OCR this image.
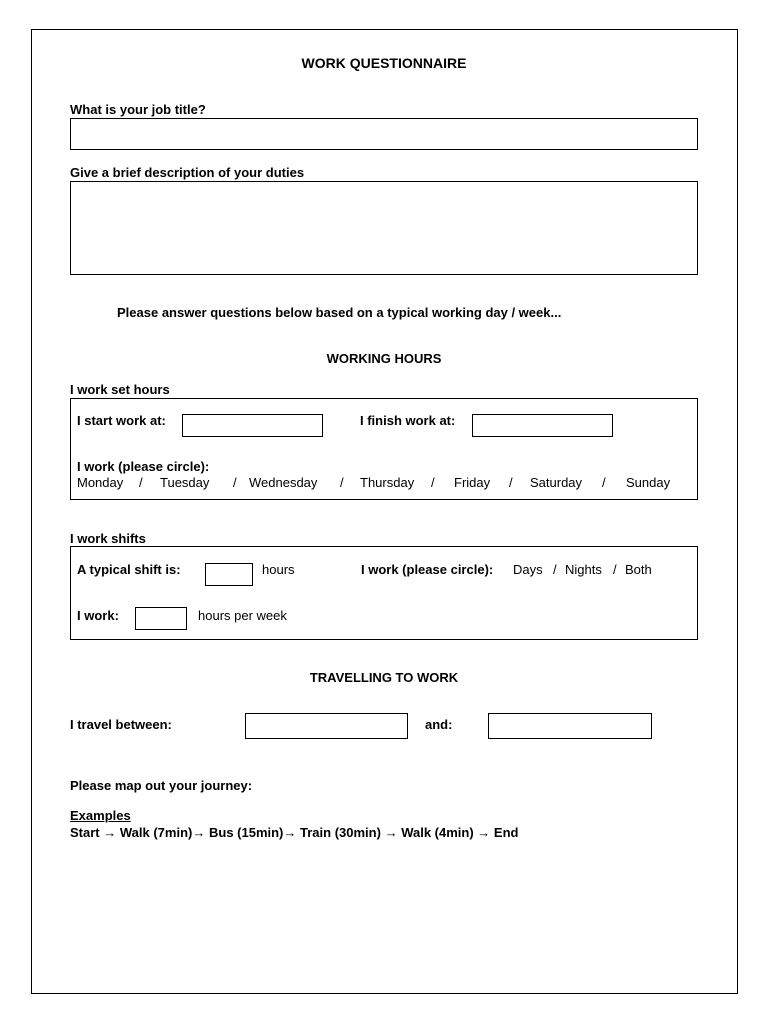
WORK QUESTIONNAIRE
What is your job title?
Give a brief description of your duties
Please answer questions below based on a typical working day / week...
WORKING HOURS
I work set hours
I start work at:	I finish work at:
I work (please circle):
Monday / Tuesday / Wednesday / Thursday / Friday / Saturday / Sunday
I work shifts
A typical shift is:	hours	I work (please circle): Days / Nights / Both
I work:	hours per week
TRAVELLING TO WORK
I travel between:	and:
Please map out your journey:
Examples
Start → Walk (7min)→ Bus (15min)→ Train (30min) → Walk (4min) → End
